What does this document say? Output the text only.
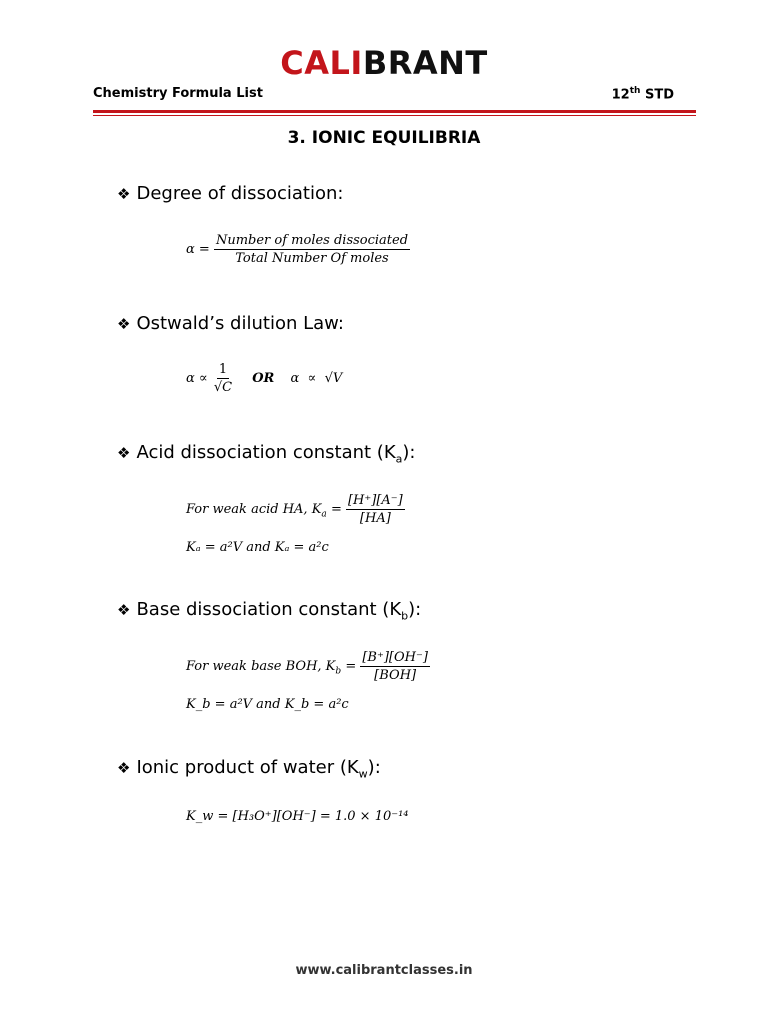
CALIBRANT
Chemistry Formula List	12th STD
3. IONIC EQUILIBRIA
❖ Degree of dissociation:
$\alpha = \frac{\text{Number of moles dissociated}}{\text{Total Number Of moles}}$
❖ Ostwald’s dilution Law:
$\alpha \propto \frac{1}{√C}$ OR α  ∝  √V
❖ Acid dissociation constant $(K_a)$:
For weak acid HA, $K_a = \frac{[H^+][A^-]}{[HA]}$
Kₐ = a²V and Kₐ = a²c
❖ Base dissociation constant $(K_b)$:
For weak base BOH, $K_b = \frac{[B^+][OH^-]}{\text{[BOH]}}$
K_b = a²V and K_b = a²c
❖ Ionic product of water $(K_w)$:
K_w = [H₃O⁺][OH⁻] = 1.0 × 10⁻¹⁴
www.calibrantclasses.in
